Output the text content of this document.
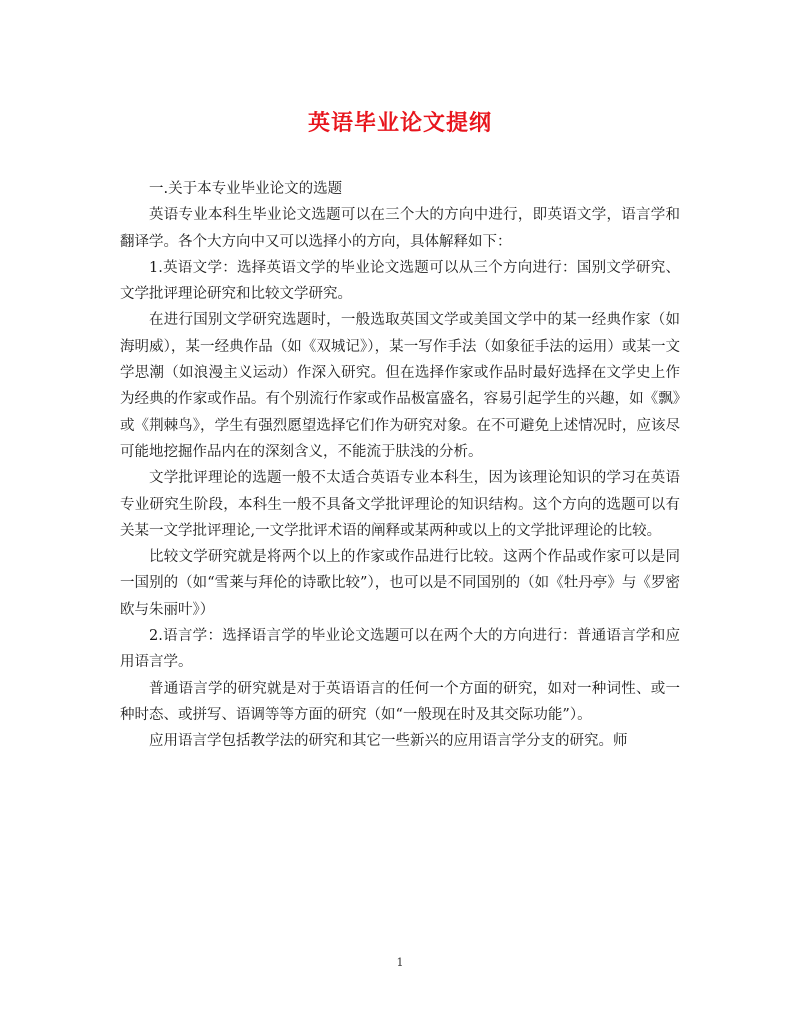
英语毕业论文提纲

一.关于本专业毕业论文的选题

英语专业本科生毕业论文选题可以在三个大的方向中进行，即英语文学，语言学和翻译学。各个大方向中又可以选择小的方向，具体解释如下：

1.英语文学：选择英语文学的毕业论文选题可以从三个方向进行：国别文学研究、文学批评理论研究和比较文学研究。

在进行国别文学研究选题时，一般选取英国文学或美国文学中的某一经典作家（如海明威），某一经典作品（如《双城记》），某一写作手法（如象征手法的运用）或某一文学思潮（如浪漫主义运动）作深入研究。但在选择作家或作品时最好选择在文学史上作为经典的作家或作品。有个别流行作家或作品极富盛名，容易引起学生的兴趣，如《飘》或《荆棘鸟》，学生有强烈愿望选择它们作为研究对象。在不可避免上述情况时，应该尽可能地挖掘作品内在的深刻含义，不能流于肤浅的分析。

文学批评理论的选题一般不太适合英语专业本科生，因为该理论知识的学习在英语专业研究生阶段，本科生一般不具备文学批评理论的知识结构。这个方向的选题可以有关某一文学批评理论,一文学批评术语的阐释或某两种或以上的文学批评理论的比较。

比较文学研究就是将两个以上的作家或作品进行比较。这两个作品或作家可以是同一国别的（如“雪莱与拜伦的诗歌比较”），也可以是不同国别的（如《牡丹亭》与《罗密欧与朱丽叶》）

2.语言学：选择语言学的毕业论文选题可以在两个大的方向进行：普通语言学和应用语言学。

普通语言学的研究就是对于英语语言的任何一个方面的研究，如对一种词性、或一种时态、或拼写、语调等等方面的研究（如“一般现在时及其交际功能”）。

应用语言学包括教学法的研究和其它一些新兴的应用语言学分支的研究。师

1
